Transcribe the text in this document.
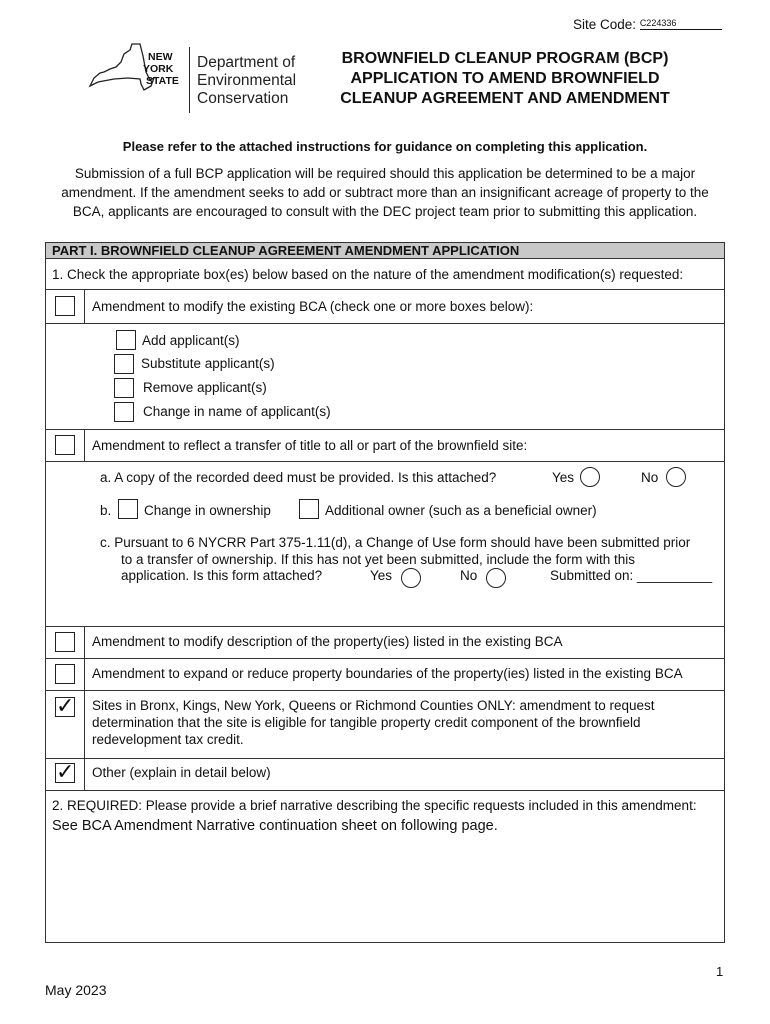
Site Code: C224336
NEW
YORK
STATE
Department of
Environmental
Conservation
BROWNFIELD CLEANUP PROGRAM (BCP)
APPLICATION TO AMEND BROWNFIELD
CLEANUP AGREEMENT AND AMENDMENT
Please refer to the attached instructions for guidance on completing this application.
Submission of a full BCP application will be required should this application be determined to be a major amendment. If the amendment seeks to add or subtract more than an insignificant acreage of property to the BCA, applicants are encouraged to consult with the DEC project team prior to submitting this application.
PART I. BROWNFIELD CLEANUP AGREEMENT AMENDMENT APPLICATION
1. Check the appropriate box(es) below based on the nature of the amendment modification(s) requested:
Amendment to modify the existing BCA (check one or more boxes below):
Add applicant(s)
Substitute applicant(s)
Remove applicant(s)
Change in name of applicant(s)
Amendment to reflect a transfer of title to all or part of the brownfield site:
a. A copy of the recorded deed must be provided. Is this attached?	Yes	No
b. Change in ownership	Additional owner (such as a beneficial owner)
c. Pursuant to 6 NYCRR Part 375-1.11(d), a Change of Use form should have been submitted prior
to a transfer of ownership. If this has not yet been submitted, include the form with this
application. Is this form attached?	Yes	No	Submitted on: __________
Amendment to modify description of the property(ies) listed in the existing BCA
Amendment to expand or reduce property boundaries of the property(ies) listed in the existing BCA
✓ Sites in Bronx, Kings, New York, Queens or Richmond Counties ONLY: amendment to request
determination that the site is eligible for tangible property credit component of the brownfield
redevelopment tax credit.
✓ Other (explain in detail below)
2. REQUIRED: Please provide a brief narrative describing the specific requests included in this amendment:
See BCA Amendment Narrative continuation sheet on following page.
1
May 2023
